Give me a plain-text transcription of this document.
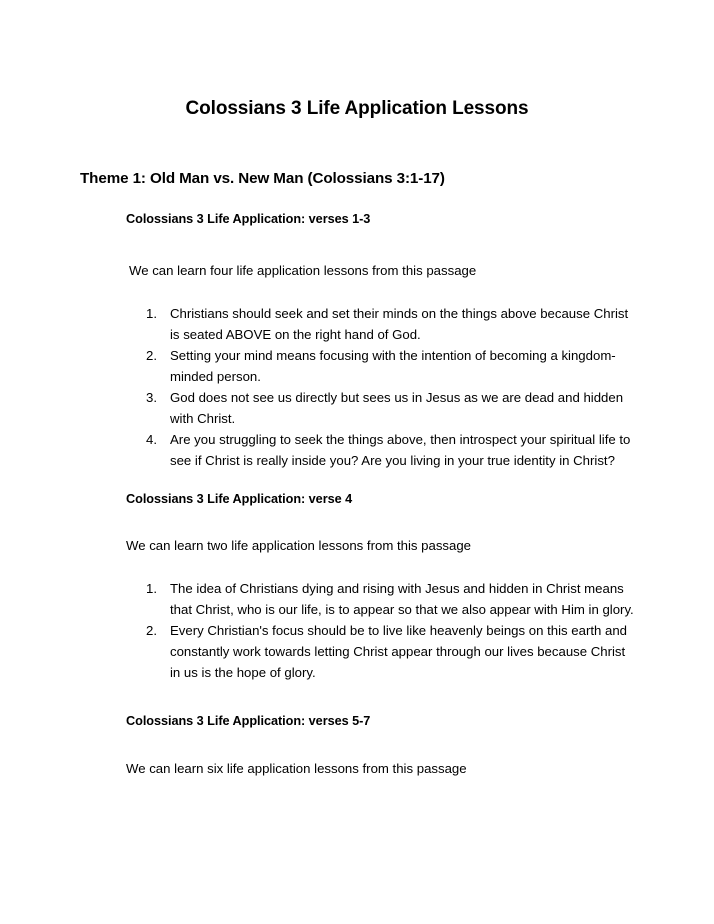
Colossians 3 Life Application Lessons
Theme 1: Old Man vs. New Man (Colossians 3:1-17)
Colossians 3 Life Application: verses 1-3

We can learn four life application lessons from this passage

1. Christians should seek and set their minds on the things above because Christ is seated ABOVE on the right hand of God.
2. Setting your mind means focusing with the intention of becoming a kingdom-minded person.
3. God does not see us directly but sees us in Jesus as we are dead and hidden with Christ.
4. Are you struggling to seek the things above, then introspect your spiritual life to see if Christ is really inside you? Are you living in your true identity in Christ?
Colossians 3 Life Application: verse 4

We can learn two life application lessons from this passage

1. The idea of Christians dying and rising with Jesus and hidden in Christ means that Christ, who is our life, is to appear so that we also appear with Him in glory.
2. Every Christian's focus should be to live like heavenly beings on this earth and constantly work towards letting Christ appear through our lives because Christ in us is the hope of glory.
Colossians 3 Life Application: verses 5-7

We can learn six life application lessons from this passage
